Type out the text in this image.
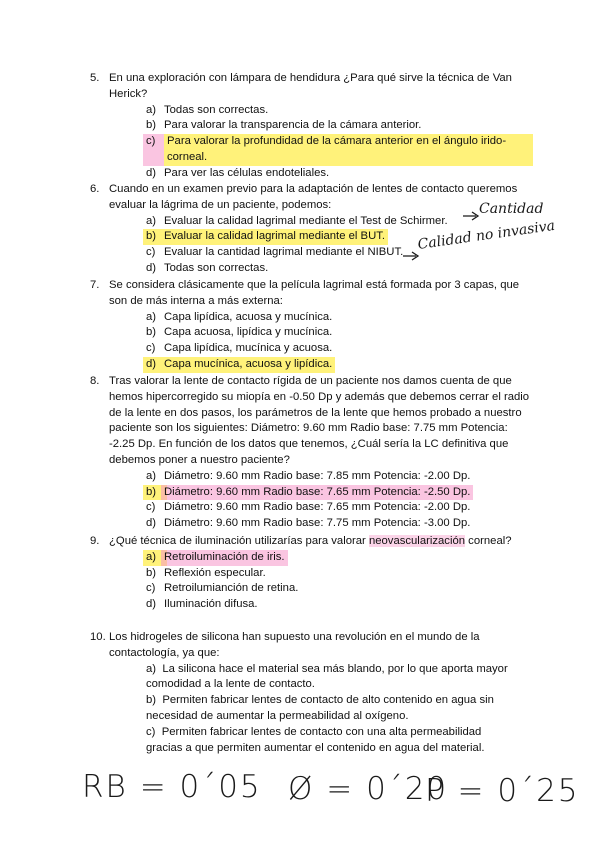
5. En una exploración con lámpara de hendidura ¿Para qué sirve la técnica de Van Herick?
a) Todas son correctas.
b) Para valorar la transparencia de la cámara anterior.
c)	Para valorar la profundidad de la cámara anterior en el ángulo irido-corneal.
d) Para ver las células endoteliales.
6. Cuando en un examen previo para la adaptación de lentes de contacto queremos evaluar la lágrima de un paciente, podemos:
a) Evaluar la calidad lagrimal mediante el Test de Schirmer.
b) Evaluar la calidad lagrimal mediante el BUT.
c) Evaluar la cantidad lagrimal mediante el NIBUT.
d) Todas son correctas.
7. Se considera clásicamente que la película lagrimal está formada por 3 capas, que son de más interna a más externa:
a) Capa lipídica, acuosa y mucínica.
b) Capa acuosa, lipídica y mucínica.
c) Capa lipídica, mucínica y acuosa.
d) Capa mucínica, acuosa y lipídica.
8. Tras valorar la lente de contacto rígida de un paciente nos damos cuenta de que hemos hipercorregido su miopía en -0.50 Dp y además que debemos cerrar el radio de la lente en dos pasos, los parámetros de la lente que hemos probado a nuestro paciente son los siguientes: Diámetro: 9.60 mm Radio base: 7.75 mm Potencia: -2.25 Dp. En función de los datos que tenemos, ¿Cuál sería la LC definitiva que debemos poner a nuestro paciente?
a) Diámetro: 9.60 mm Radio base: 7.85 mm Potencia: -2.00 Dp.
b) Diámetro: 9.60 mm Radio base: 7.65 mm Potencia: -2.50 Dp.
c) Diámetro: 9.60 mm Radio base: 7.65 mm Potencia: -2.00 Dp.
d) Diámetro: 9.60 mm Radio base: 7.75 mm Potencia: -3.00 Dp.
9. ¿Qué técnica de iluminación utilizarías para valorar neovascularización corneal?
a) Retroiluminación de iris.
b) Reflexión especular.
c) Retroilumianción de retina.
d) Iluminación difusa.
10. Los hidrogeles de silicona han supuesto una revolución en el mundo de la contactología, ya que:

a) La silicona hace el material sea más blando, por lo que aporta mayor comodidad a la lente de contacto.

b) Permiten fabricar lentes de contacto de alto contenido en agua sin necesidad de aumentar la permeabilidad al oxígeno.

c) Permiten fabricar lentes de contacto con una alta permeabilidad gracias a que permiten aumentar el contenido en agua del material.

Cantidad
Calidad no invasiva
RB = 0´05 Ø = 0´20
P = 0´25
